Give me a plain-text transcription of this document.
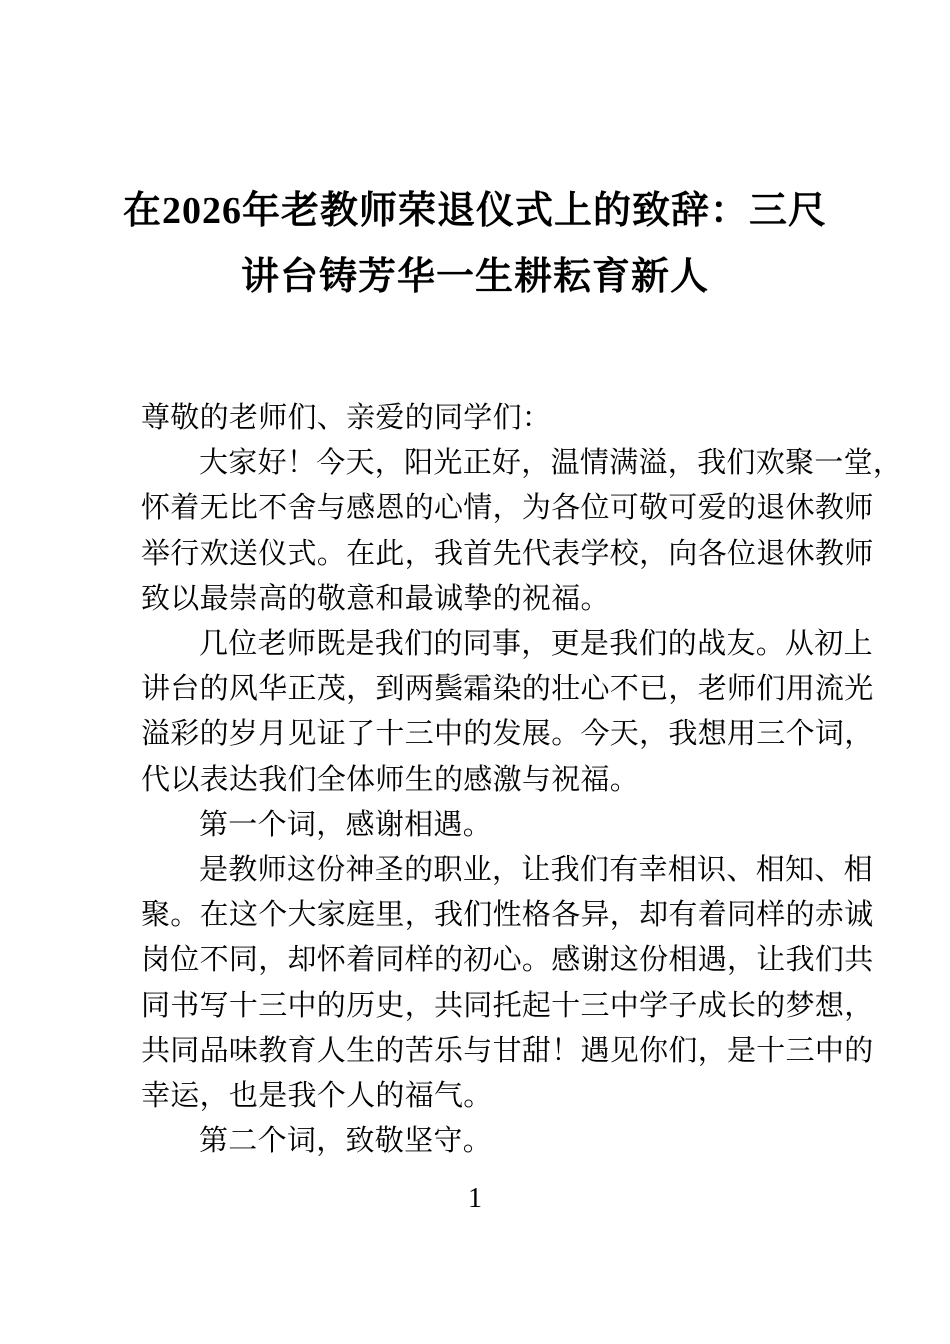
在2026年老教师荣退仪式上的致辞：三尺
讲台铸芳华一生耕耘育新人

尊敬的老师们、亲爱的同学们：

大家好！今天，阳光正好，温情满溢，我们欢聚一堂，

怀着无比不舍与感恩的心情，为各位可敬可爱的退休教师

举行欢送仪式。在此，我首先代表学校，向各位退休教师

致以最崇高的敬意和最诚挚的祝福。

几位老师既是我们的同事，更是我们的战友。从初上

讲台的风华正茂，到两鬓霜染的壮心不已，老师们用流光

溢彩的岁月见证了十三中的发展。今天，我想用三个词，

代以表达我们全体师生的感激与祝福。

第一个词，感谢相遇。

是教师这份神圣的职业，让我们有幸相识、相知、相

聚。在这个大家庭里，我们性格各异，却有着同样的赤诚

岗位不同，却怀着同样的初心。感谢这份相遇，让我们共

同书写十三中的历史，共同托起十三中学子成长的梦想，

共同品味教育人生的苦乐与甘甜！遇见你们，是十三中的

幸运，也是我个人的福气。

第二个词，致敬坚守。

1
